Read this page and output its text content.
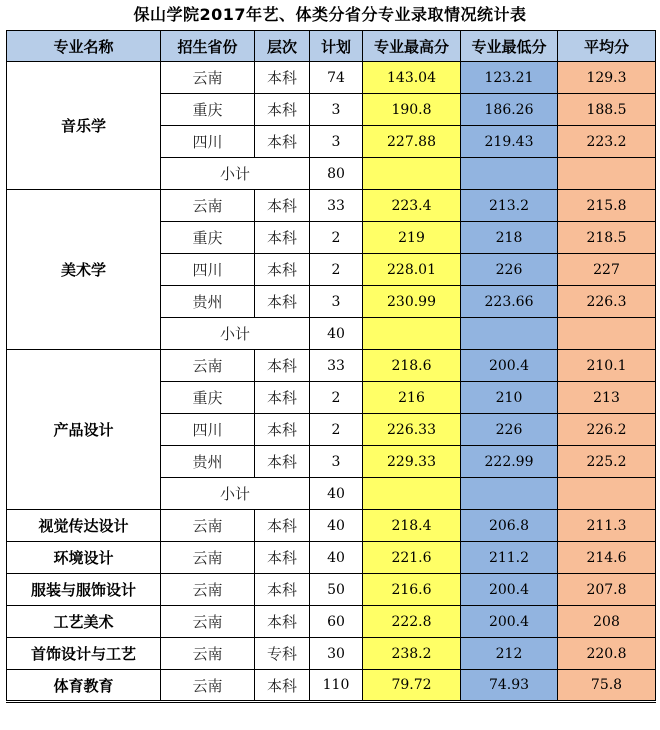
保山学院2017年艺、体类分省分专业录取情况统计表
专业名称	招生省份	层次	计划	专业最高分	专业最低分	平均分
音乐学	云南	本科	74	143.04	123.21	129.3
	重庆	本科	3	190.8	186.26	188.5
	四川	本科	3	227.88	219.43	223.2
	小计		80			
美术学	云南	本科	33	223.4	213.2	215.8
	重庆	本科	2	219	218	218.5
	四川	本科	2	228.01	226	227
	贵州	本科	3	230.99	223.66	226.3
	小计		40			
产品设计	云南	本科	33	218.6	200.4	210.1
	重庆	本科	2	216	210	213
	四川	本科	2	226.33	226	226.2
	贵州	本科	3	229.33	222.99	225.2
	小计		40			
视觉传达设计	云南	本科	40	218.4	206.8	211.3
环境设计	云南	本科	40	221.6	211.2	214.6
服装与服饰设计	云南	本科	50	216.6	200.4	207.8
工艺美术	云南	本科	60	222.8	200.4	208
首饰设计与工艺	云南	专科	30	238.2	212	220.8
体育教育	云南	本科	110	79.72	74.93	75.8
